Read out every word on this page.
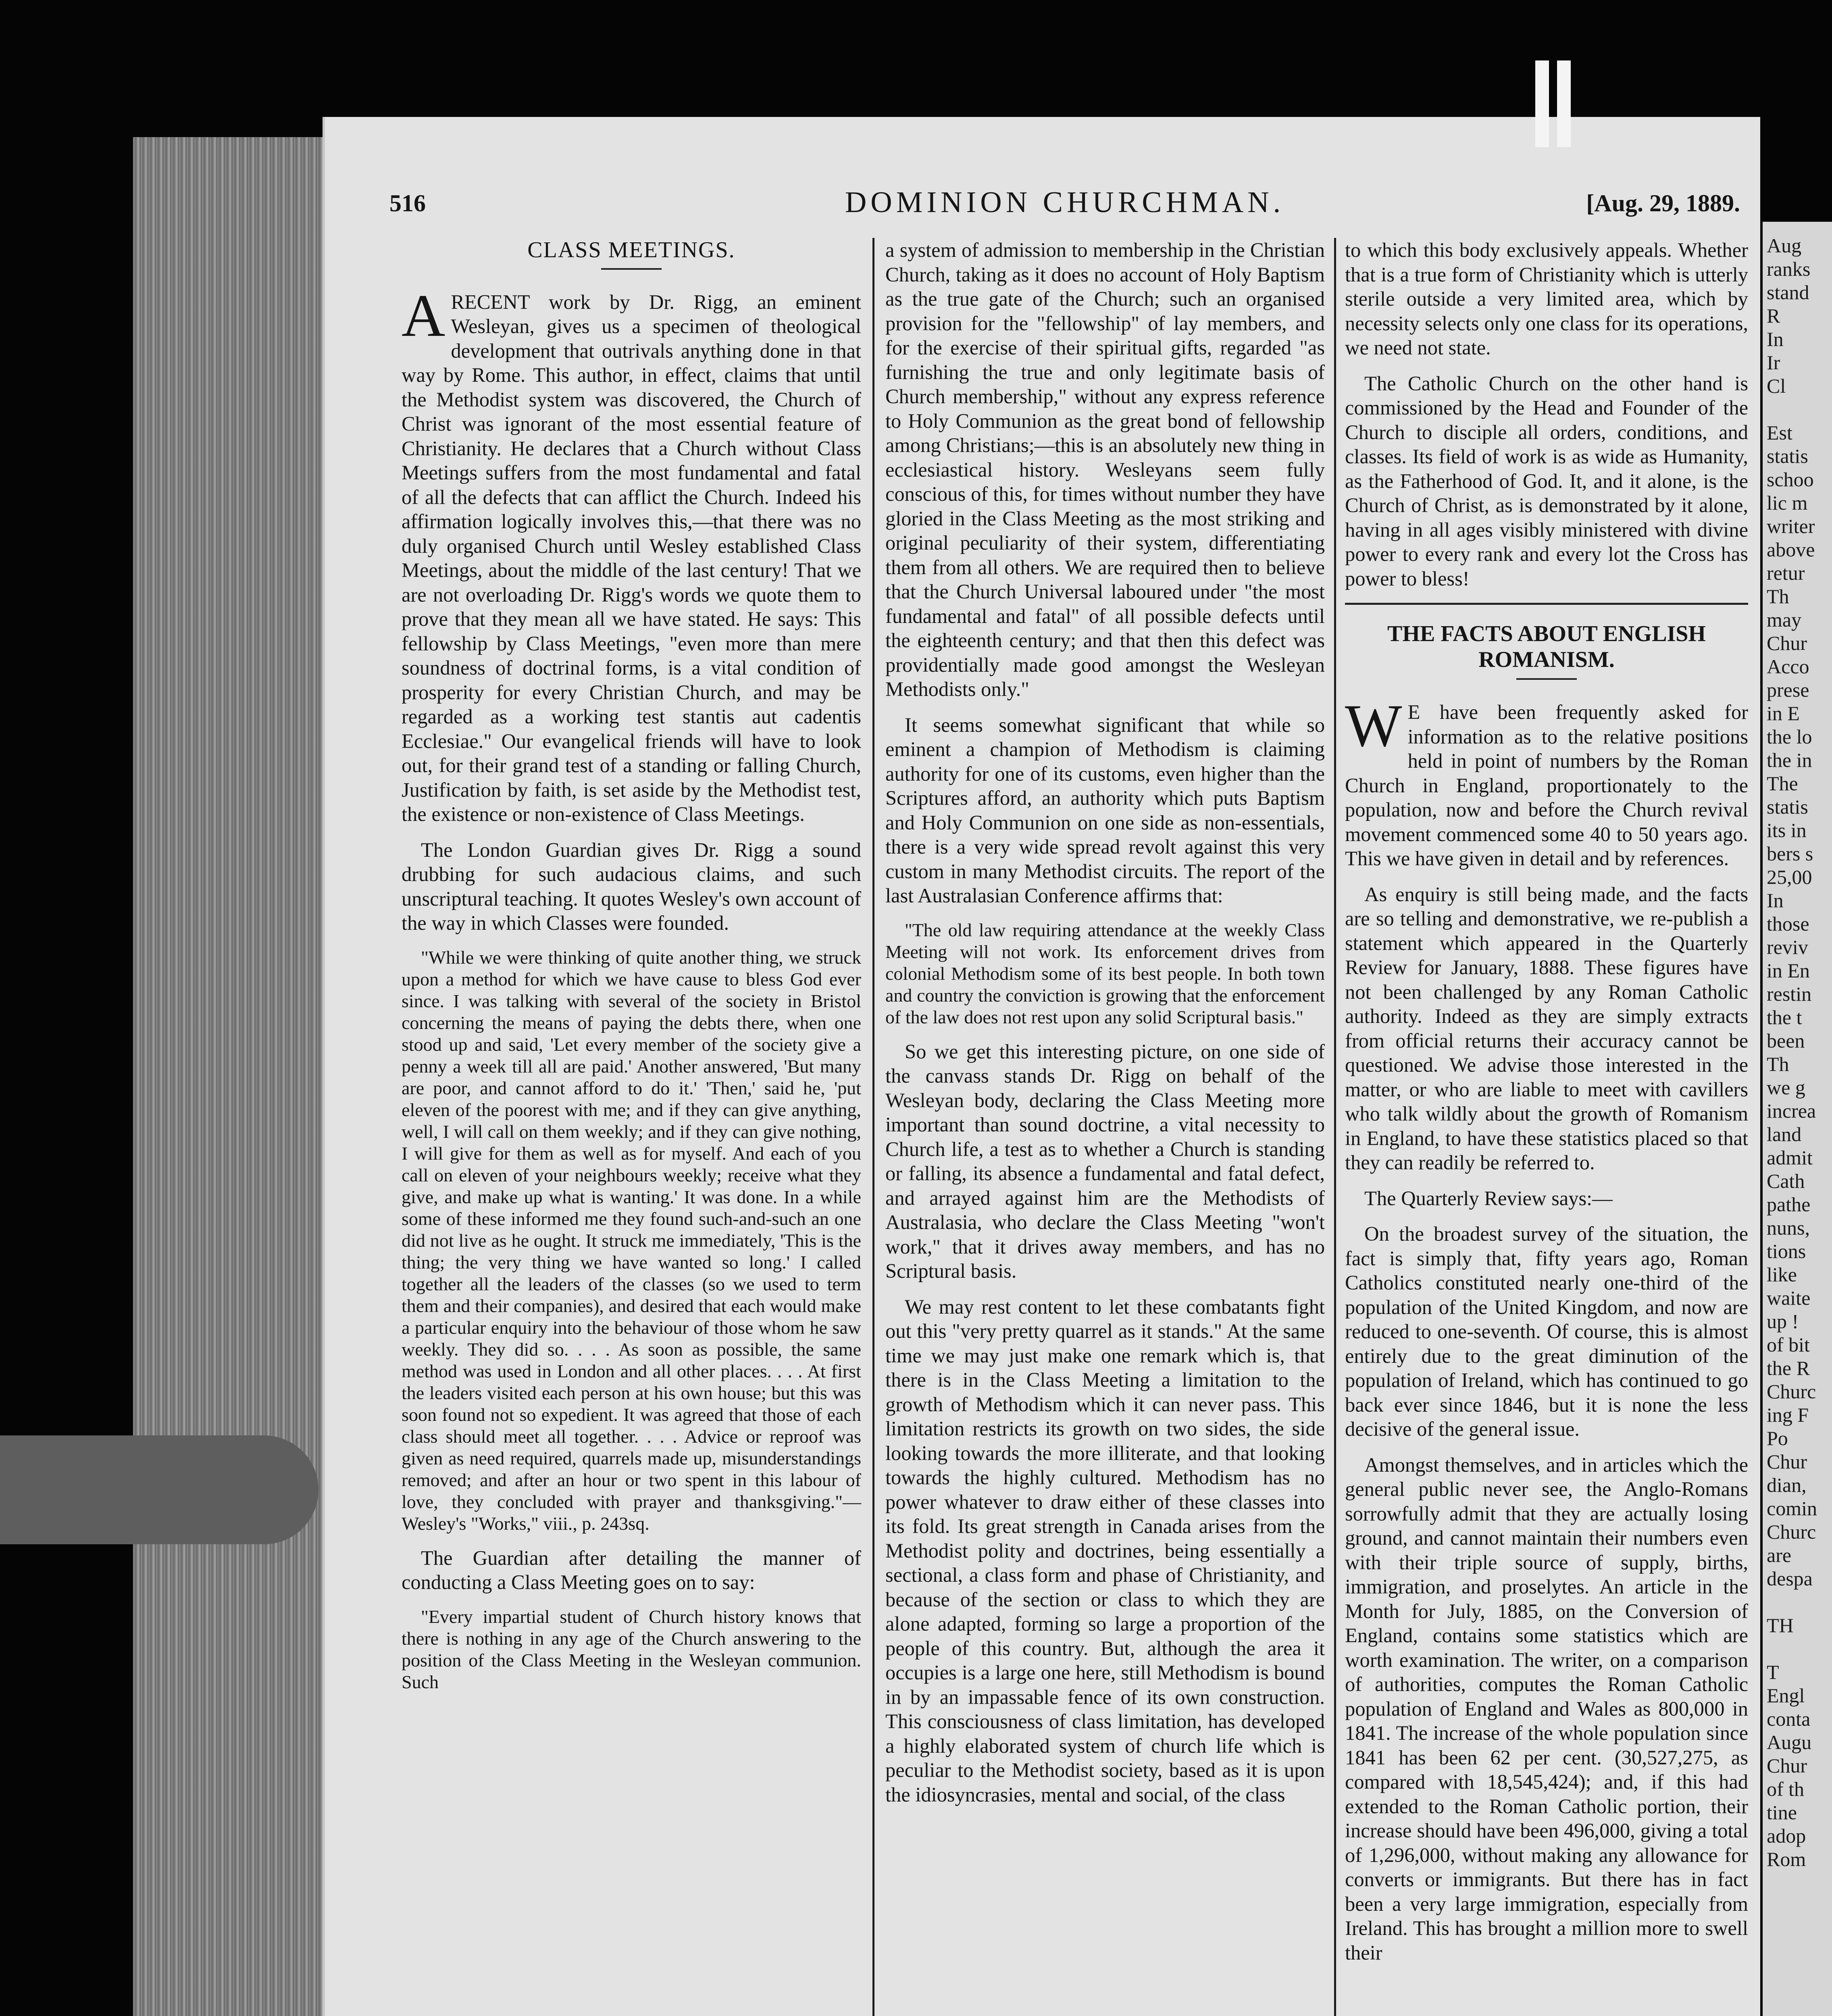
516	DOMINION CHURCHMAN.	[Aug. 29, 1889.
CLASS MEETINGS.

ARECENT work by Dr. Rigg, an eminent Wesleyan, gives us a specimen of theological development that outrivals anything done in that way by Rome. This author, in effect, claims that until the Methodist system was discovered, the Church of Christ was ignorant of the most essential feature of Christianity. He declares that a Church without Class Meetings suffers from the most fundamental and fatal of all the defects that can afflict the Church. Indeed his affirmation logically involves this,—that there was no duly organised Church until Wesley established Class Meetings, about the middle of the last century! That we are not overloading Dr. Rigg's words we quote them to prove that they mean all we have stated. He says: This fellowship by Class Meetings, "even more than mere soundness of doctrinal forms, is a vital condition of prosperity for every Christian Church, and may be regarded as a working test stantis aut cadentis Ecclesiae." Our evangelical friends will have to look out, for their grand test of a standing or falling Church, Justification by faith, is set aside by the Methodist test, the existence or non-existence of Class Meetings.

The London Guardian gives Dr. Rigg a sound drubbing for such audacious claims, and such unscriptural teaching. It quotes Wesley's own account of the way in which Classes were founded.

"While we were thinking of quite another thing, we struck upon a method for which we have cause to bless God ever since. I was talking with several of the society in Bristol concerning the means of paying the debts there, when one stood up and said, 'Let every member of the society give a penny a week till all are paid.' Another answered, 'But many are poor, and cannot afford to do it.' 'Then,' said he, 'put eleven of the poorest with me; and if they can give anything, well, I will call on them weekly; and if they can give nothing, I will give for them as well as for myself. And each of you call on eleven of your neighbours weekly; receive what they give, and make up what is wanting.' It was done. In a while some of these informed me they found such-and-such an one did not live as he ought. It struck me immediately, 'This is the thing; the very thing we have wanted so long.' I called together all the leaders of the classes (so we used to term them and their companies), and desired that each would make a particular enquiry into the behaviour of those whom he saw weekly. They did so. . . . As soon as possible, the same method was used in London and all other places. . . . At first the leaders visited each person at his own house; but this was soon found not so expedient. It was agreed that those of each class should meet all together. . . . Advice or reproof was given as need required, quarrels made up, misunderstandings removed; and after an hour or two spent in this labour of love, they concluded with prayer and thanksgiving."—Wesley's "Works," viii., p. 243sq.

The Guardian after detailing the manner of conducting a Class Meeting goes on to say:

"Every impartial student of Church history knows that there is nothing in any age of the Church answering to the position of the Class Meeting in the Wesleyan communion. Such

a system of admission to membership in the Christian Church, taking as it does no account of Holy Baptism as the true gate of the Church; such an organised provision for the "fellowship" of lay members, and for the exercise of their spiritual gifts, regarded "as furnishing the true and only legitimate basis of Church membership," without any express reference to Holy Communion as the great bond of fellowship among Christians;—this is an absolutely new thing in ecclesiastical history. Wesleyans seem fully conscious of this, for times without number they have gloried in the Class Meeting as the most striking and original peculiarity of their system, differentiating them from all others. We are required then to believe that the Church Universal laboured under "the most fundamental and fatal" of all possible defects until the eighteenth century; and that then this defect was providentially made good amongst the Wesleyan Methodists only."

It seems somewhat significant that while so eminent a champion of Methodism is claiming authority for one of its customs, even higher than the Scriptures afford, an authority which puts Baptism and Holy Communion on one side as non-essentials, there is a very wide spread revolt against this very custom in many Methodist circuits. The report of the last Australasian Conference affirms that:

"The old law requiring attendance at the weekly Class Meeting will not work. Its enforcement drives from colonial Methodism some of its best people. In both town and country the conviction is growing that the enforcement of the law does not rest upon any solid Scriptural basis."

So we get this interesting picture, on one side of the canvass stands Dr. Rigg on behalf of the Wesleyan body, declaring the Class Meeting more important than sound doctrine, a vital necessity to Church life, a test as to whether a Church is standing or falling, its absence a fundamental and fatal defect, and arrayed against him are the Methodists of Australasia, who declare the Class Meeting "won't work," that it drives away members, and has no Scriptural basis.

We may rest content to let these combatants fight out this "very pretty quarrel as it stands." At the same time we may just make one remark which is, that there is in the Class Meeting a limitation to the growth of Methodism which it can never pass. This limitation restricts its growth on two sides, the side looking towards the more illiterate, and that looking towards the highly cultured. Methodism has no power whatever to draw either of these classes into its fold. Its great strength in Canada arises from the Methodist polity and doctrines, being essentially a sectional, a class form and phase of Christianity, and because of the section or class to which they are alone adapted, forming so large a proportion of the people of this country. But, although the area it occupies is a large one here, still Methodism is bound in by an impassable fence of its own construction. This consciousness of class limitation, has developed a highly elaborated system of church life which is peculiar to the Methodist society, based as it is upon the idiosyncrasies, mental and social, of the class

to which this body exclusively appeals. Whether that is a true form of Christianity which is utterly sterile outside a very limited area, which by necessity selects only one class for its operations, we need not state.

The Catholic Church on the other hand is commissioned by the Head and Founder of the Church to disciple all orders, conditions, and classes. Its field of work is as wide as Humanity, as the Fatherhood of God. It, and it alone, is the Church of Christ, as is demonstrated by it alone, having in all ages visibly ministered with divine power to every rank and every lot the Cross has power to bless!

THE FACTS ABOUT ENGLISH ROMANISM.

W E have been frequently asked for information as to the relative positions held in point of numbers by the Roman Church in England, proportionately to the population, now and before the Church revival movement commenced some 40 to 50 years ago. This we have given in detail and by references.

As enquiry is still being made, and the facts are so telling and demonstrative, we re-publish a statement which appeared in the Quarterly Review for January, 1888. These figures have not been challenged by any Roman Catholic authority. Indeed as they are simply extracts from official returns their accuracy cannot be questioned. We advise those interested in the matter, or who are liable to meet with cavillers who talk wildly about the growth of Romanism in England, to have these statistics placed so that they can readily be referred to.

The Quarterly Review says:—

On the broadest survey of the situation, the fact is simply that, fifty years ago, Roman Catholics constituted nearly one-third of the population of the United Kingdom, and now are reduced to one-seventh. Of course, this is almost entirely due to the great diminution of the population of Ireland, which has continued to go back ever since 1846, but it is none the less decisive of the general issue.

Amongst themselves, and in articles which the general public never see, the Anglo-Romans sorrowfully admit that they are actually losing ground, and cannot maintain their numbers even with their triple source of supply, births, immigration, and proselytes. An article in the Month for July, 1885, on the Conversion of England, contains some statistics which are worth examination. The writer, on a comparison of authorities, computes the Roman Catholic population of England and Wales as 800,000 in 1841. The increase of the whole population since 1841 has been 62 per cent. (30,527,275, as compared with 18,545,424); and, if this had extended to the Roman Catholic portion, their increase should have been 496,000, giving a total of 1,296,000, without making any allowance for converts or immigrants. But there has in fact been a very large immigration, especially from Ireland. This has brought a million more to swell their

Aug
ranks
stand
R
In
Ir
Cl

Est
statis
schoo
lic m
writer
above
retur
Th
may
Chur
Acco
prese
in E
the lo
the in
The
statis
its in
bers s
25,00
In
those
reviv
in En
restin
the t
been
Th
we g
increa
land
admit
Cath
pathe
nuns,
tions
like
waite
up !
of bit
the R
Churc
ing F
Po
Chur
dian,
comin
Churc
are
despa

TH

T
Engl
conta
Augu
Chur
of th
tine
adop
Rom
